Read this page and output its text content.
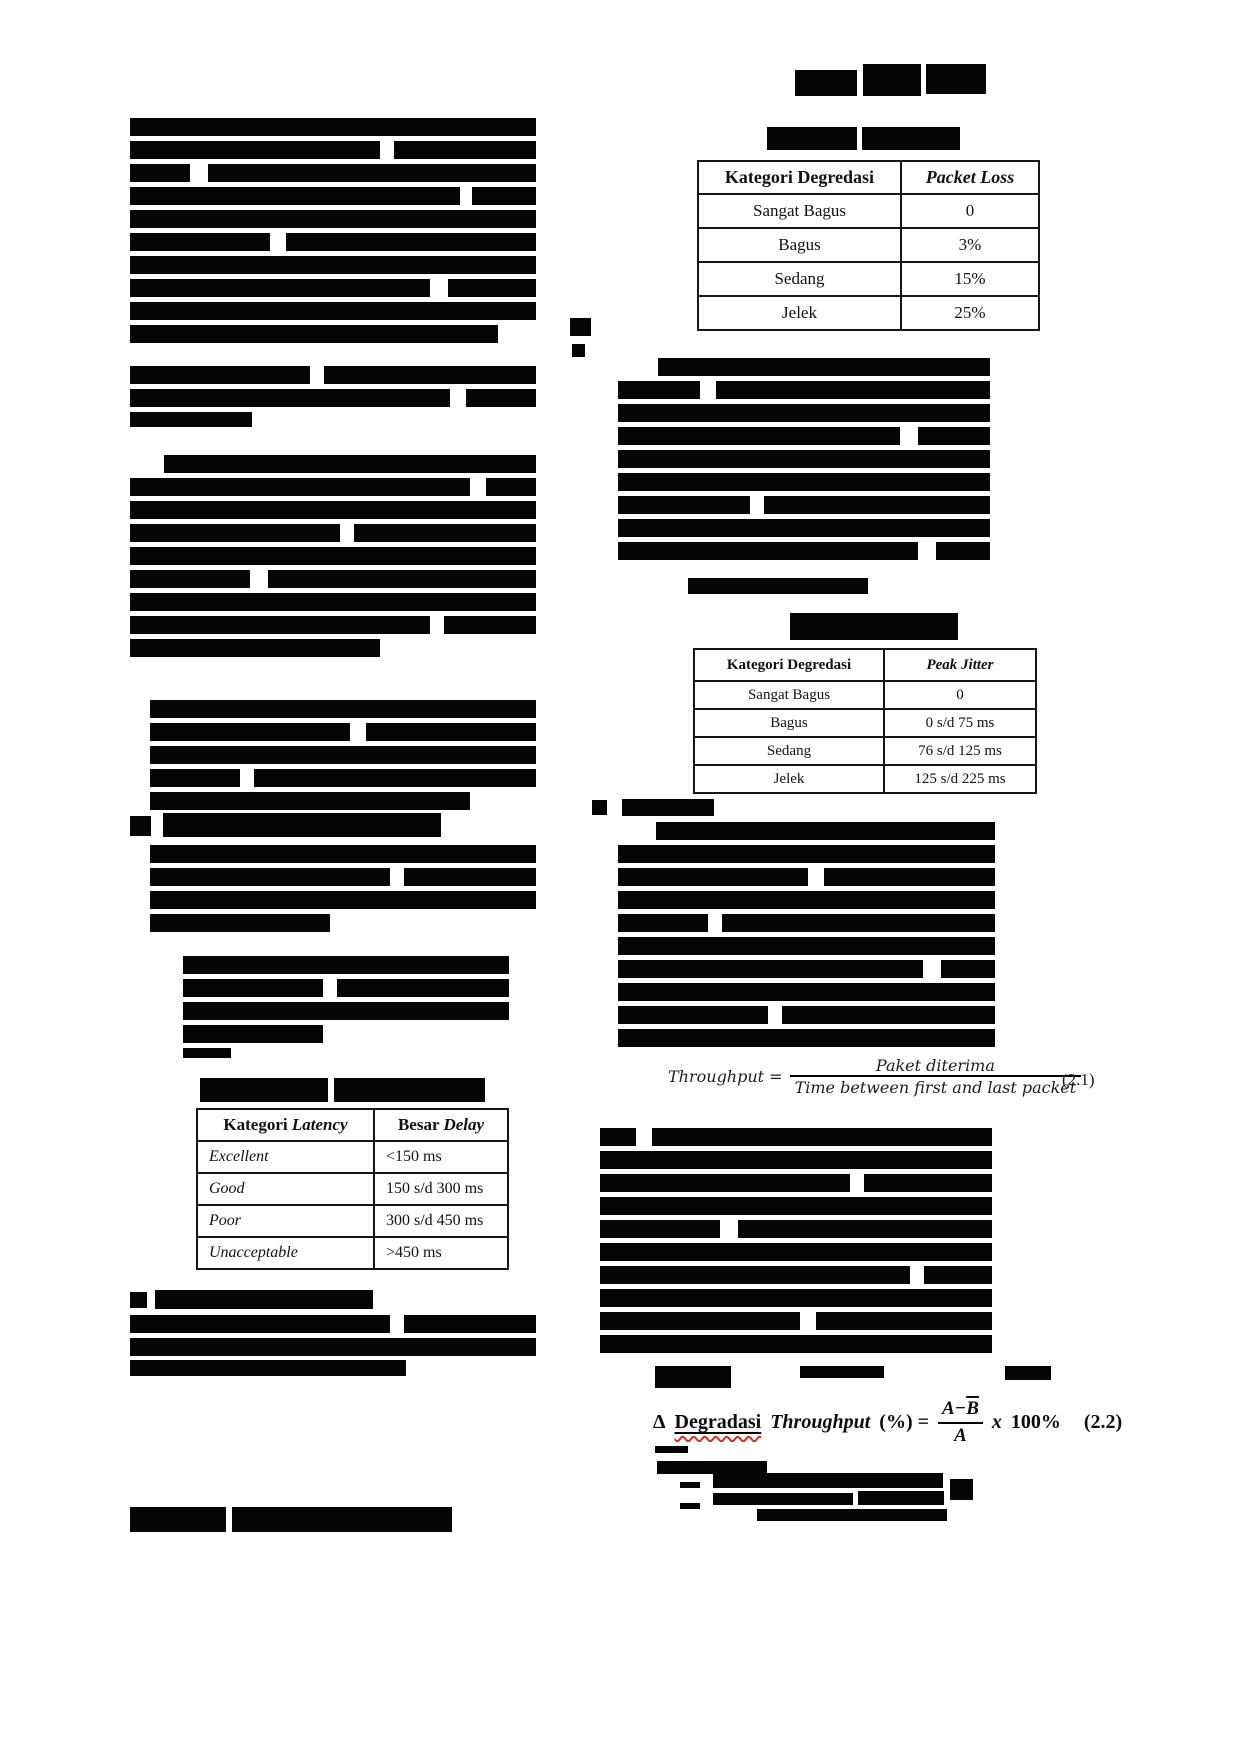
Kategori Latency	Besar Delay
Excellent	<150 ms
Good	150 s/d 300 ms
Poor	300 s/d 450 ms
Unacceptable	>450 ms
Kategori Degredasi	Packet Loss
Sangat Bagus	0
Bagus	3%
Sedang	15%
Jelek	25%
Kategori Degredasi	Peak Jitter
Sangat Bagus	0
Bagus	0 s/d 75 ms
Sedang	76 s/d 125 ms
Jelek	125 s/d 225 ms
Throughput = $\frac{\text{Paket diterima}}{\text{Time between first and last packet}}$
(2.1)
Δ Degradasi Throughput (%) = $\frac{A-\overline{B}}{A}$ x 100% (2.2)
